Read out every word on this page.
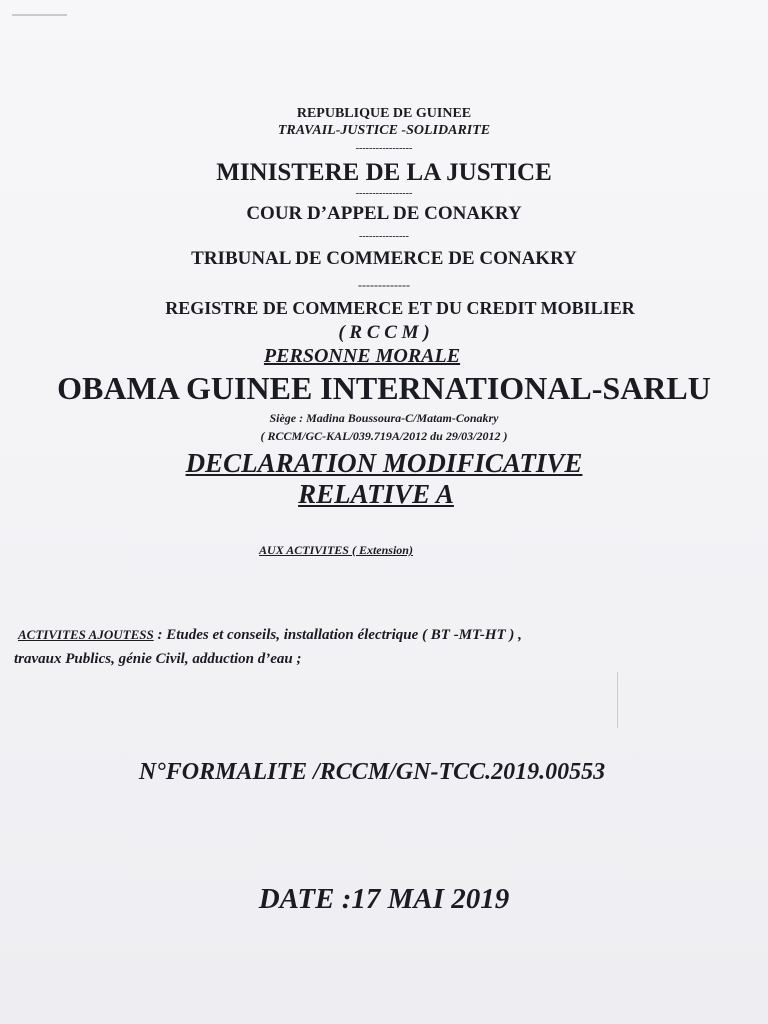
REPUBLIQUE DE GUINEE
TRAVAIL-JUSTICE -SOLIDARITE
-----------------
MINISTERE DE LA JUSTICE
-----------------
COUR D’APPEL DE CONAKRY
---------------
TRIBUNAL DE COMMERCE DE CONAKRY
-------------
REGISTRE DE COMMERCE ET DU CREDIT MOBILIER
( R C C M )
PERSONNE MORALE
OBAMA GUINEE INTERNATIONAL-SARLU
Siège : Madina Boussoura-C/Matam-Conakry
( RCCM/GC-KAL/039.719A/2012 du 29/03/2012 )
DECLARATION MODIFICATIVE
RELATIVE A
AUX ACTIVITES ( Extension)
ACTIVITES AJOUTESS : Etudes et conseils, installation électrique ( BT -MT-HT ) ,
travaux Publics, génie Civil, adduction d’eau ;
N°FORMALITE /RCCM/GN-TCC.2019.00553
DATE :17 MAI 2019
